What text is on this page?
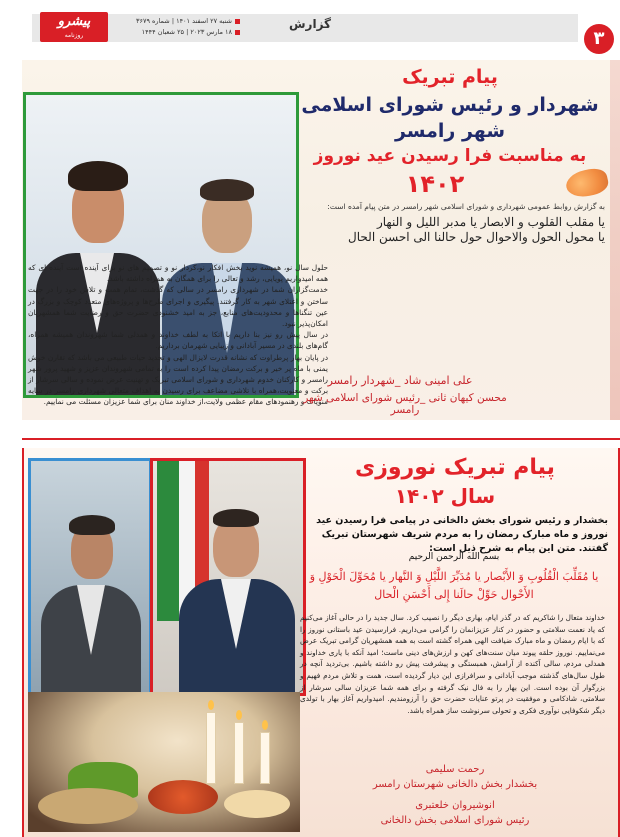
۳
گزارش
شنبه ۲۷ اسفند ۱۴۰۱ | شماره ۳۶۷۹
۱۸ مارس ۲۰۲۳ | ۲۵ شعبان ۱۴۴۴
پیشرو
روزنامه
پیام تبریک
شهردار و رئیس شورای اسلامی
شهر رامسر
به مناسبت فرا رسیدن عید نوروز
۱۴۰۲
به گزارش روابط عمومی شهرداری و شورای اسلامی شهر رامسر در متن پیام آمده است:
یا مقلب القلوب و الابصار یا مدبر اللیل و النهار
یا محول الحول والاحوال حول حالنا الی احسن الحال
حلول سال نو، همیشه نوید بخش افکار نو،کردار نو و تصمیم های نو برای آینده است آینده ای که همه امیدواریم پویایی، رشد و تعالی را برای همگان به همراه داشته باشد.
خدمت‌گزاران شما در شهرداری رامسر در سالی که گذشت، تمام همت و تلاش خود را در جهت ساختن و اعتلای شهر به کار گرفتند. پیگیری و اجرای طرح‌ها و پروژه‌های متعدد کوچک و بزرگ در عین تنگناها و محدودیت‌های منابع، جز به امید خشنودی حضرت حق و رضایت شما همشهریان امکان‌پذیر نبود.
در سال پیش رو نیز بنا داریم با اتکا به لطف خداوند و همدلی شما شهروندان همیشه همراه، گام‌های بلندی در مسیر آبادانی و زیبایی شهرمان برداریم.
در پایان بهار پرطراوت که نشانه قدرت لایزال الهی و تجدید حیات طبیعی می باشد که تقارن خوش یمنی با ماه پر خیر و برکت رمضان پیدا کرده است را به تمامی شهروندان عزیز و شهید پرور شهر رامسر و کارکنان خدوم شهرداری و شورای اسلامی تبریک و تهنیت عرض نموده و سالی سرشار از برکت و معنویت،همراه با تلاشی مضاعف برای رسیدن به اهداف متعالی شهرداری رامسر در سایه منویات و رهنمودهای مقام عظمی ولایت،از خداوند منان برای شما عزیزان مسئلت می نماییم.
علی امینی شاد _شهردار رامسر
محسن کیهان ثانی _رئیس شورای اسلامی شهر رامسر
پیام تبریک نوروزی
سال ۱۴۰۲
بخشدار و رئیس شورای بخش دالخانی در پیامی فرا رسیدن عید نوروز و ماه مبارک رمضان را به مردم شریف شهرستان تبریک گفتند. متن این پیام به شرح ذیل است:
بسم الله الرحمن الرحیم
یا مُقَلِّبَ الْقُلُوبِ وَ الأَبْصار یا مُدَبِّرَ اللَّیْلِ وَ النَّهار یا مُحَوِّلَ الْحَوْلِ وَ الأَحْوال حَوِّلْ حالَنا إِلی أَحْسَنِ الْحال
خداوند متعال را شاکریم که در گذر ایام، بهاری دیگر را نصیب کرد. سال جدید را در حالی آغاز می‌کنیم که یاد نعمت سلامتی و حضور در کنار عزیزانمان را گرامی می‌داریم. فرارسیدن عید باستانی نوروز را که با ایام رمضان و ماه مبارک ضیافت الهی همراه گشته است به همه همشهریان گرامی تبریک عرض می‌نماییم. نوروز حلقه پیوند میان سنت‌های کهن و ارزش‌های دینی ماست؛ امید آنکه با یاری خداوند و همدلی مردم، سالی آکنده از آرامش، همبستگی و پیشرفت پیش رو داشته باشیم. بی‌تردید آنچه در طول سال‌های گذشته موجب آبادانی و سرافرازی این دیار گردیده است، همت و تلاش مردم فهیم و بزرگوار آن بوده است. این بهار را به فال نیک گرفته و برای همه شما عزیزان سالی سرشار از سلامتی، شادکامی و موفقیت در پرتو عنایات حضرت حق را آرزومندیم. امیدواریم آغاز بهار با تولدی دیگر شکوفایی نوآوری فکری و تحولی سرنوشت ساز همراه باشد.
رحمت سلیمی
بخشدار بخش دالخانی شهرستان رامسر
انوشیروان خلعتبری
رئیس شورای اسلامی بخش دالخانی
